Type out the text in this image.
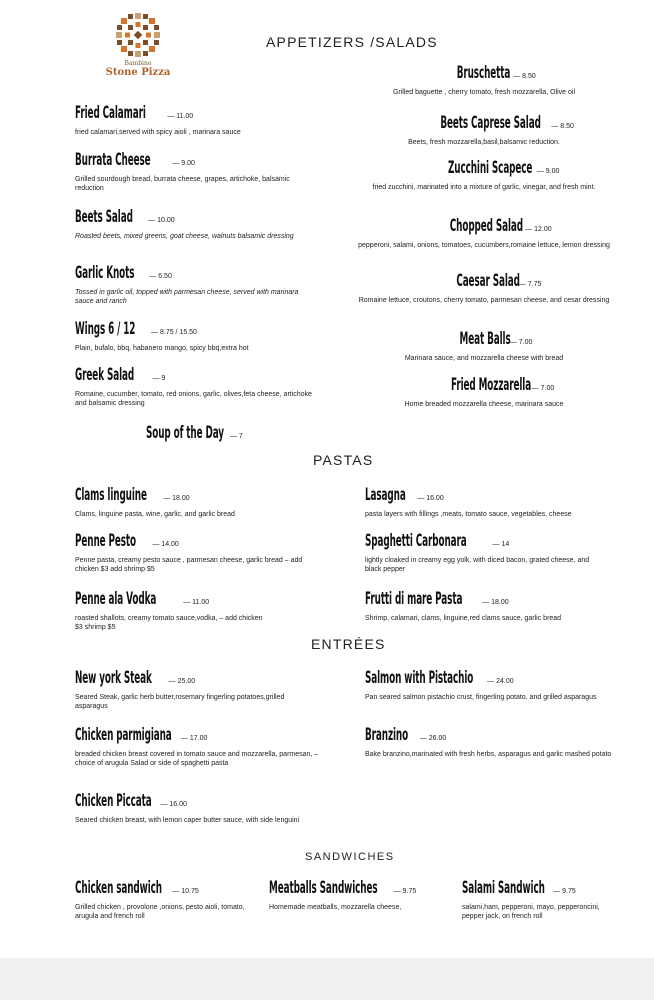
Bambino
Stone Pizza
APPETIZERS /SALADS
PASTAS
ENTRÉES
SANDWICHES
Fried Calamari	— 11.00
fried calamari,served with spicy aioli , marinara sauce
Burrata Cheese	— 9.00
Grilled sourdough bread, burrata cheese, grapes, artichoke, balsamic reduction
Beets Salad — 10.00
Roasted beets, mixed greens, goat cheese, walnuts balsamic dressing
Garlic Knots — 6.50
Tossed in garlic oil, topped with parmesan cheese, served with marinara sauce and ranch
Wings 6 / 12 — 8.75 / 15.50
Plain, bufalo, bbq, habanero mango, spicy bbq,extra hot
Greek Salad	— 9
Romaine, cucumber, tomato, red onions, garlic, olives,feta cheese, artichoke and balsamic dressing
Soup of the Day — 7
Bruschetta — 8.50
Grilled baguette , cherry tomato, fresh mozzarella, Olive oil
Beets Caprese Salad — 8.50
Beets, fresh mozzarella,basil,balsamic reduction.
Zucchini Scapece — 9.00
fried zucchini, marinated into a mixture of garlic, vinegar, and fresh mint.
Chopped Salad — 12.00
pepperoni, salami, onions, tomatoes, cucumbers,romaine lettuce, lemon dressing
Caesar Salad— 7.75
Romaine lettuce, croutons, cherry tomato, parmesan cheese, and cesar dressing
Meat Balls— 7.00
Marinara sauce, and mozzarella cheese with bread
Fried Mozzarella— 7.00
Home breaded mozzarella cheese, marinara sauce
Clams linguine — 18.00
Clams, linguine pasta, wine, garlic, and garlic bread
Penne Pesto — 14.00
Penne pasta, creamy pesto sauce , parmesan cheese, garlic bread – add chicken $3 add shrimp $5
Penne ala Vodka	— 11.00
roasted shallots, creamy tomato sauce,vodka, – add chicken $3 shrimp $5
Lasagna — 16.00
pasta layers with fillings ,meats, tomato sauce, vegetables, cheese
Spaghetti Carbonara	— 14
lightly cloaked in creamy egg yolk, with diced bacon, grated cheese, and black pepper
Frutti di mare Pasta	— 18.00
Shrimp, calamari, clams, linguine,red clams sauce, garlic bread
New york Steak — 25.00
Seared Steak, garlic herb butter,rosemary fingerling potatoes,grilled asparagus
Chicken parmigiana — 17.00
breaded chicken breast covered in tomato sauce and mozzarella, parmesan, – choice of arugula Salad or side of spaghetti pasta
Chicken Piccata — 16.00
Seared chicken breast, with lemon caper butter sauce, with side lenguini
Salmon with Pistachio — 24.00
Pan seared salmon pistachio crust, fingerling potato, and grilled asparagus
Branzino — 26.00
Bake branzino,marinated with fresh herbs, asparagus and garlic mashed potato
Chicken sandwich — 10.75
Grilled chicken , provolone ,onions, pesto aioli, tomato, arugula and french roll
Meatballs Sandwiches — 9.75
Homemade meatballs, mozzarella cheese,
Salami Sandwich — 9.75
salami,ham, pepperoni, mayo, pepperoncini, pepper jack, on french roll
